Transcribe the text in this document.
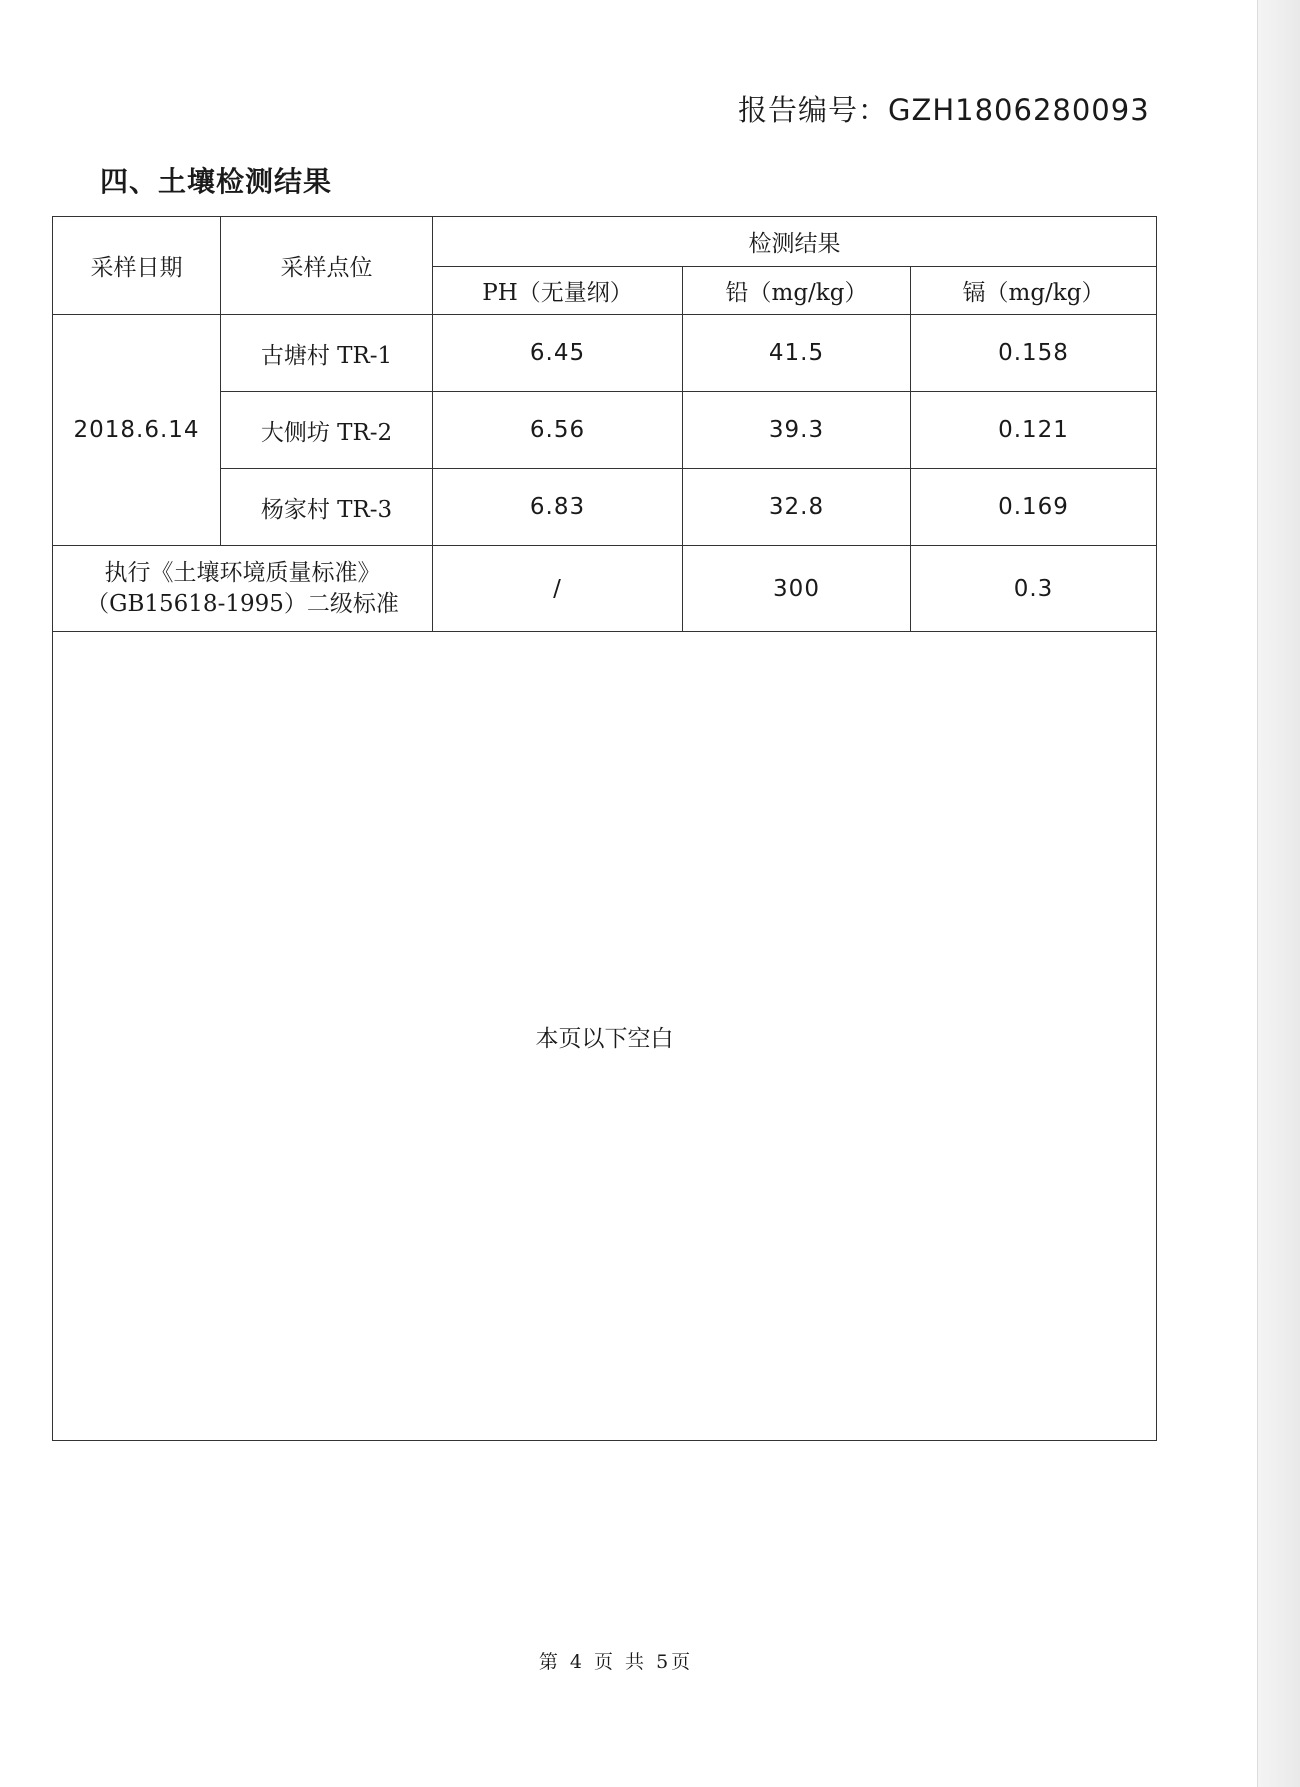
报告编号：GZH1806280093
四、土壤检测结果
采样日期	采样点位	检测结果		
		PH（无量纲）	铅（mg/kg）	镉（mg/kg）
2018.6.14	古塘村 TR-1	6.45	41.5	0.158
	大侧坊 TR-2	6.56	39.3	0.121
	杨家村 TR-3	6.83	32.8	0.169

执行《土壤环境质量标准》
（GB15618-1995）二级标准		/	300	0.3
本页以下空白				
第 4 页 共 5页
